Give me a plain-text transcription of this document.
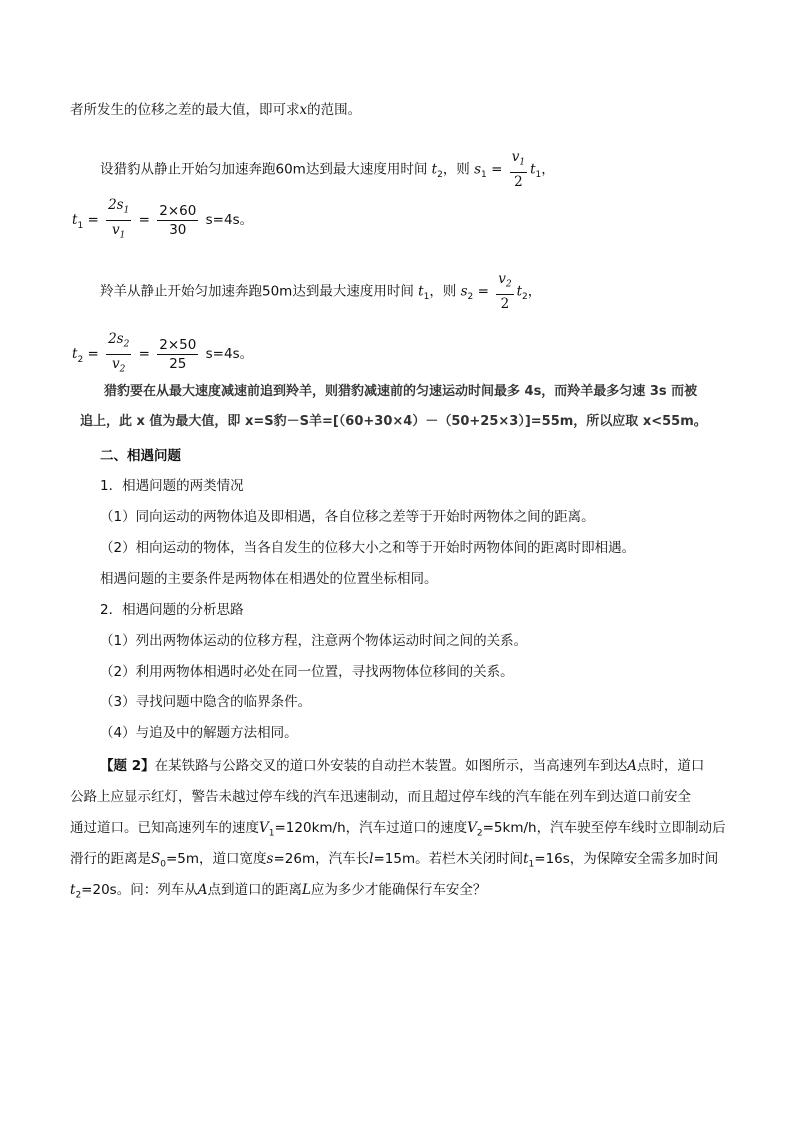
者所发生的位移之差的最大值，即可求x的范围。
设猎豹从静止开始匀加速奔跑60m达到最大速度用时间 $t_2$，则 $s_1 = \frac{v_1}{2} t_1$，
$t_1 = \frac{2s_1}{v_1} = \frac{2\times 60}{30} s=4s$。
羚羊从静止开始匀加速奔跑50m达到最大速度用时间 $t_1$，则 $s_2 = \frac{v_2}{2} t_2$，
$t_2 = \frac{2s_2}{v_2} = \frac{2\times 50}{25} s=4s$。
猎豹要在从最大速度减速前追到羚羊，则猎豹减速前的匀速运动时间最多 4s，而羚羊最多匀速 3s 而被
追上，此 x 值为最大值，即 x=S豹－S羊=[（60+30×4）－（50+25×3）]=55m，所以应取 x<55m。
二、相遇问题
1．相遇问题的两类情况
（1）同向运动的两物体追及即相遇，各自位移之差等于开始时两物体之间的距离。
（2）相向运动的物体，当各自发生的位移大小之和等于开始时两物体间的距离时即相遇。
相遇问题的主要条件是两物体在相遇处的位置坐标相同。
2．相遇问题的分析思路
（1）列出两物体运动的位移方程，注意两个物体运动时间之间的关系。
（2）利用两物体相遇时必处在同一位置，寻找两物体位移间的关系。
（3）寻找问题中隐含的临界条件。
（4）与追及中的解题方法相同。
【题 2】在某铁路与公路交叉的道口外安装的自动拦木装置。如图所示，当高速列车到达A点时，道口
公路上应显示红灯，警告未越过停车线的汽车迅速制动，而且超过停车线的汽车能在列车到达道口前安全
通过道口。已知高速列车的速度$V_1=120km/h$，汽车过道口的速度$V_2=5km/h$，汽车驶至停车线时立即制动后
滑行的距离是$S_0=5m$，道口宽度s=26m，汽车长l=15m。若栏木关闭时间$t_1=16s$，为保障安全需多加时间
$t_2=20s$。问：列车从A点到道口的距离L应为多少才能确保行车安全？
